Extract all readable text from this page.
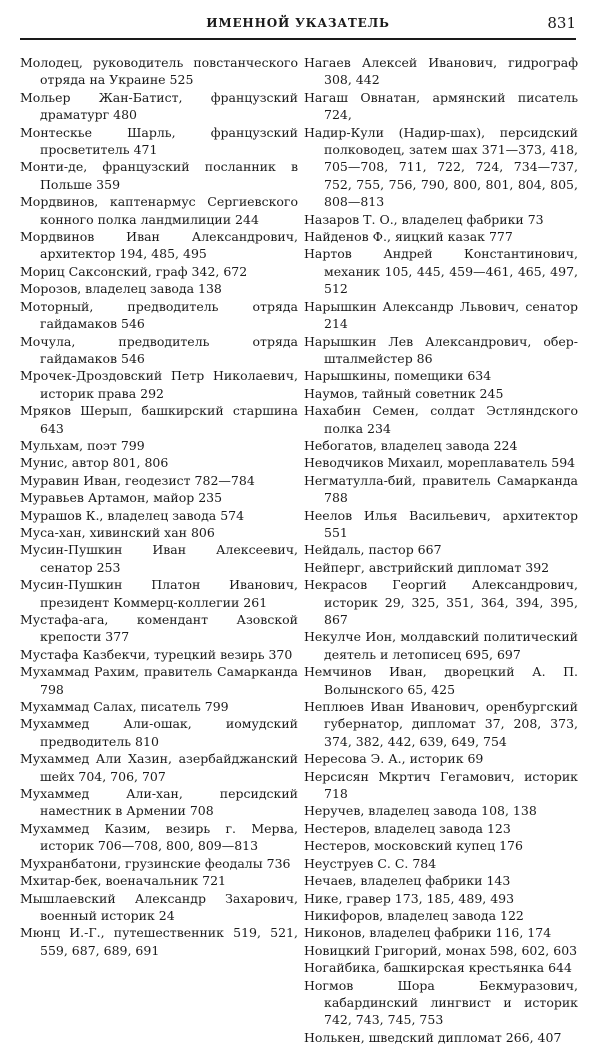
ИМЕННОЙ УКАЗАТЕЛЬ	831

Молодец, руководитель повстанческого отряда на Украине 525

Мольер Жан-Батист, французский драматург 480

Монтескье Шарль, французский просветитель 471

Монти-де, французский посланник в Польше 359

Мордвинов, каптенармус Сергиевского конного полка ландмилиции 244

Мордвинов Иван Александрович, архитектор 194, 485, 495

Мориц Саксонский, граф 342, 672

Морозов, владелец завода 138

Моторный, предводитель отряда гайдамаков 546

Мочула, предводитель отряда гайдамаков 546

Мрочек-Дроздовский Петр Николаевич, историк права 292

Мряков Шерып, башкирский старшина 643

Мульхам, поэт 799

Мунис, автор 801, 806

Муравин Иван, геодезист 782—784

Муравьев Артамон, майор 235

Мурашов К., владелец завода 574

Муса-хан, хивинский хан 806

Мусин-Пушкин Иван Алексеевич, сенатор 253

Мусин-Пушкин Платон Иванович, президент Коммерц-коллегии 261

Мустафа-ага, комендант Азовской крепости 377

Мустафа Казбекчи, турецкий везирь 370

Мухаммад Рахим, правитель Самарканда 798

Мухаммад Салах, писатель 799

Мухаммед Али-ошак, иомудский предводитель 810

Мухаммед Али Хазин, азербайджанский шейх 704, 706, 707

Мухаммед Али-хан, персидский наместник в Армении 708

Мухаммед Казим, везирь г. Мерва, историк 706—708, 800, 809—813

Мухранбатони, грузинские феодалы 736

Мхитар-бек, военачальник 721

Мышлаевский Александр Захарович, военный историк 24

Мюнц И.-Г., путешественник 519, 521, 559, 687, 689, 691

Нагаев Алексей Иванович, гидрограф 308, 442

Нагаш Овнатан, армянский писатель 724,

Надир-Кули (Надир-шах), персидский полководец, затем шах 371—373, 418, 705—708, 711, 722, 724, 734—737, 752, 755, 756, 790, 800, 801, 804, 805, 808—813

Назаров Т. О., владелец фабрики 73

Найденов Ф., яицкий казак 777

Нартов Андрей Константинович, механик 105, 445, 459—461, 465, 497, 512

Нарышкин Александр Львович, сенатор 214

Нарышкин Лев Александрович, обер-шталмейстер 86

Нарышкины, помещики 634

Наумов, тайный советник 245

Нахабин Семен, солдат Эстляндского полка 234

Небогатов, владелец завода 224

Неводчиков Михаил, мореплаватель 594

Негматулла-бий, правитель Самарканда 788

Неелов Илья Васильевич, архитектор 551

Нейдаль, пастор 667

Нейперг, австрийский дипломат 392

Некрасов Георгий Александрович, историк 29, 325, 351, 364, 394, 395, 867

Некулче Ион, молдавский политический деятель и летописец 695, 697

Немчинов Иван, дворецкий А. П. Волынского 65, 425

Неплюев Иван Иванович, оренбургский губернатор, дипломат 37, 208, 373, 374, 382, 442, 639, 649, 754

Нересова Э. А., историк 69

Нерсисян Мкртич Гегамович, историк 718

Неручев, владелец завода 108, 138

Нестеров, владелец завода 123

Нестеров, московский купец 176

Неуструев С. С. 784

Нечаев, владелец фабрики 143

Нике, гравер 173, 185, 489, 493

Никифоров, владелец завода 122

Никонов, владелец фабрики 116, 174

Новицкий Григорий, монах 598, 602, 603

Ногайбика, башкирская крестьянка 644

Ногмов Шора Бекмуразович, кабардинский лингвист и историк 742, 743, 745, 753

Нолькен, шведский дипломат 266, 407
